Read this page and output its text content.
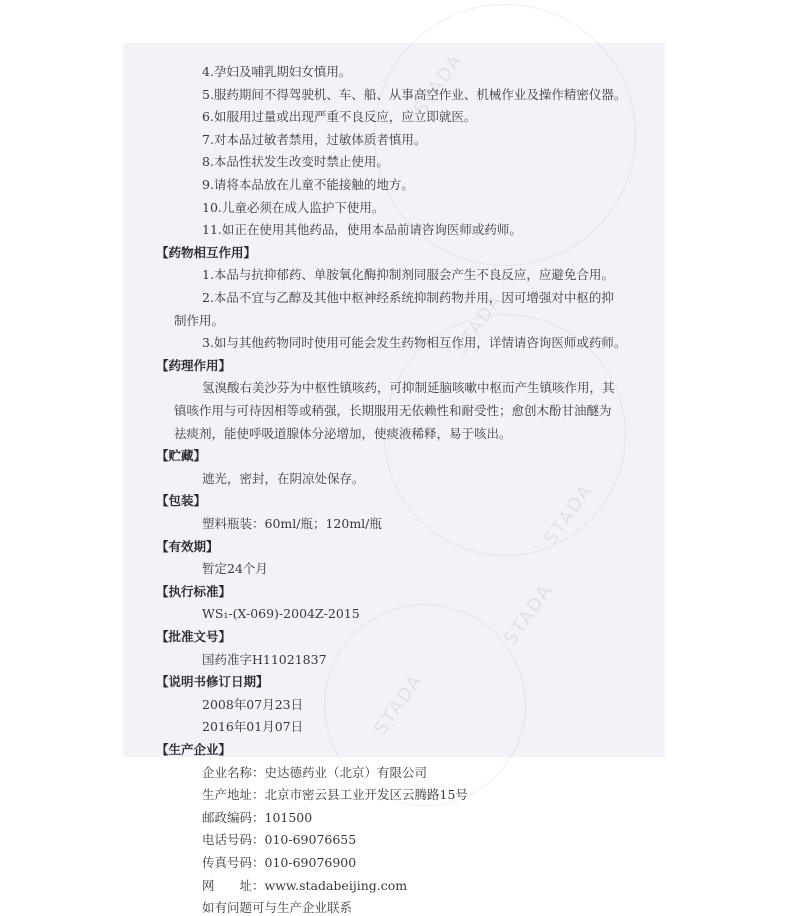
STADA
STADA
STADA
STADA
STADA
4.孕妇及哺乳期妇女慎用。
5.服药期间不得驾驶机、车、船、从事高空作业、机械作业及操作精密仪器。
6.如服用过量或出现严重不良反应，应立即就医。
7.对本品过敏者禁用，过敏体质者慎用。
8.本品性状发生改变时禁止使用。
9.请将本品放在儿童不能接触的地方。
10.儿童必须在成人监护下使用。
11.如正在使用其他药品，使用本品前请咨询医师或药师。
【药物相互作用】
1.本品与抗抑郁药、单胺氧化酶抑制剂同服会产生不良反应，应避免合用。
2.本品不宜与乙醇及其他中枢神经系统抑制药物并用，因可增强对中枢的抑
制作用。
3.如与其他药物同时使用可能会发生药物相互作用，详情请咨询医师或药师。
【药理作用】
氢溴酸右美沙芬为中枢性镇咳药，可抑制延脑咳嗽中枢而产生镇咳作用，其
镇咳作用与可待因相等或稍强，长期服用无依赖性和耐受性；愈创木酚甘油醚为
祛痰剂，能使呼吸道腺体分泌增加，使痰液稀释，易于咳出。
【贮藏】
遮光，密封，在阴凉处保存。
【包装】
塑料瓶装：60ml/瓶；120ml/瓶
【有效期】
暂定24个月
【执行标准】
WS₁-(X-069)-2004Z-2015
【批准文号】
国药准字H11021837
【说明书修订日期】
2008年07月23日
2016年01月07日
【生产企业】
企业名称：史达德药业（北京）有限公司
生产地址：北京市密云县工业开发区云腾路15号
邮政编码：101500
电话号码：010-69076655
传真号码：010-69076900
网　　址：www.stadabeijing.com
如有问题可与生产企业联系
